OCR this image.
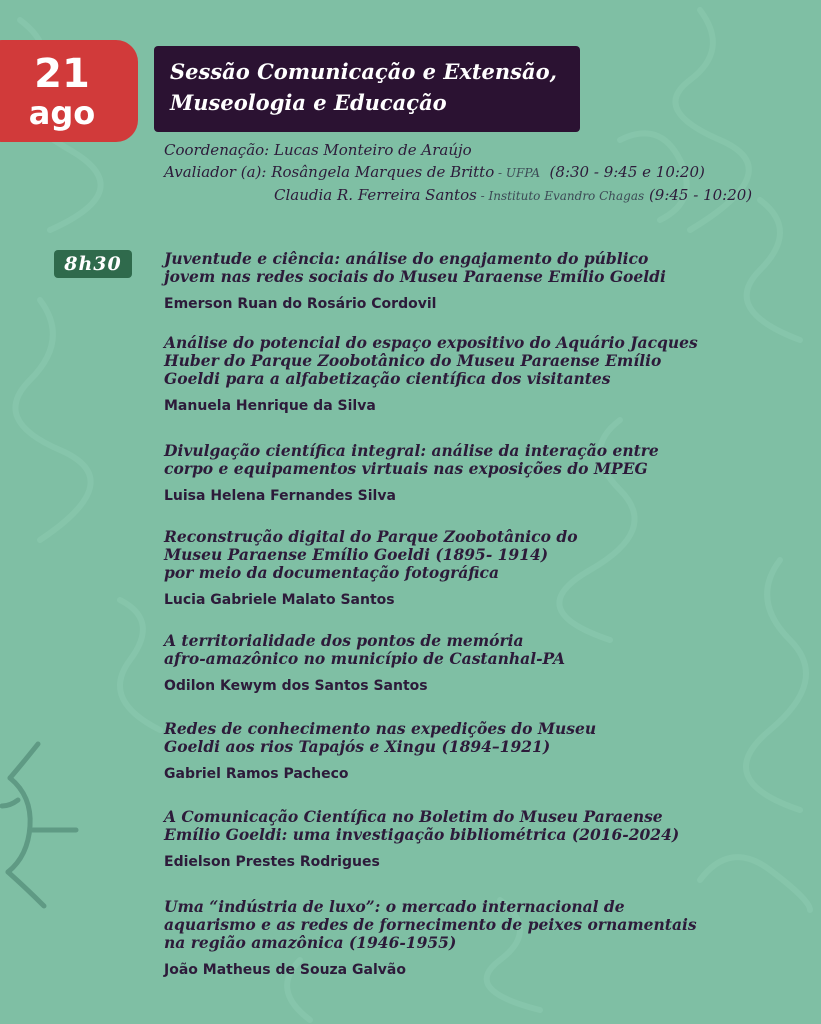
21
ago
Sessão Comunicação e Extensão,
Museologia e Educação
Coordenação: Lucas Monteiro de Araújo
Avaliador (a): Rosângela Marques de Britto - UFPA (8:30 - 9:45 e 10:20)
Claudia R. Ferreira Santos - Instituto Evandro Chagas (9:45 - 10:20)
8h30	Juventude e ciência: análise do engajamento do público
jovem nas redes sociais do Museu Paraense Emílio Goeldi
Emerson Ruan do Rosário Cordovil
Análise do potencial do espaço expositivo do Aquário Jacques
Huber do Parque Zoobotânico do Museu Paraense Emílio
Goeldi para a alfabetização científica dos visitantes
Manuela Henrique da Silva
Divulgação científica integral: análise da interação entre
corpo e equipamentos virtuais nas exposições do MPEG
Luisa Helena Fernandes Silva
Reconstrução digital do Parque Zoobotânico do
Museu Paraense Emílio Goeldi (1895- 1914)
por meio da documentação fotográfica
Lucia Gabriele Malato Santos
A territorialidade dos pontos de memória
afro-amazônico no município de Castanhal-PA
Odilon Kewym dos Santos Santos
Redes de conhecimento nas expedições do Museu
Goeldi aos rios Tapajós e Xingu (1894–1921)
Gabriel Ramos Pacheco
A Comunicação Científica no Boletim do Museu Paraense
Emílio Goeldi: uma investigação bibliométrica (2016-2024)
Edielson Prestes Rodrigues
Uma “indústria de luxo”: o mercado internacional de
aquarismo e as redes de fornecimento de peixes ornamentais
na região amazônica (1946-1955)
João Matheus de Souza Galvão
